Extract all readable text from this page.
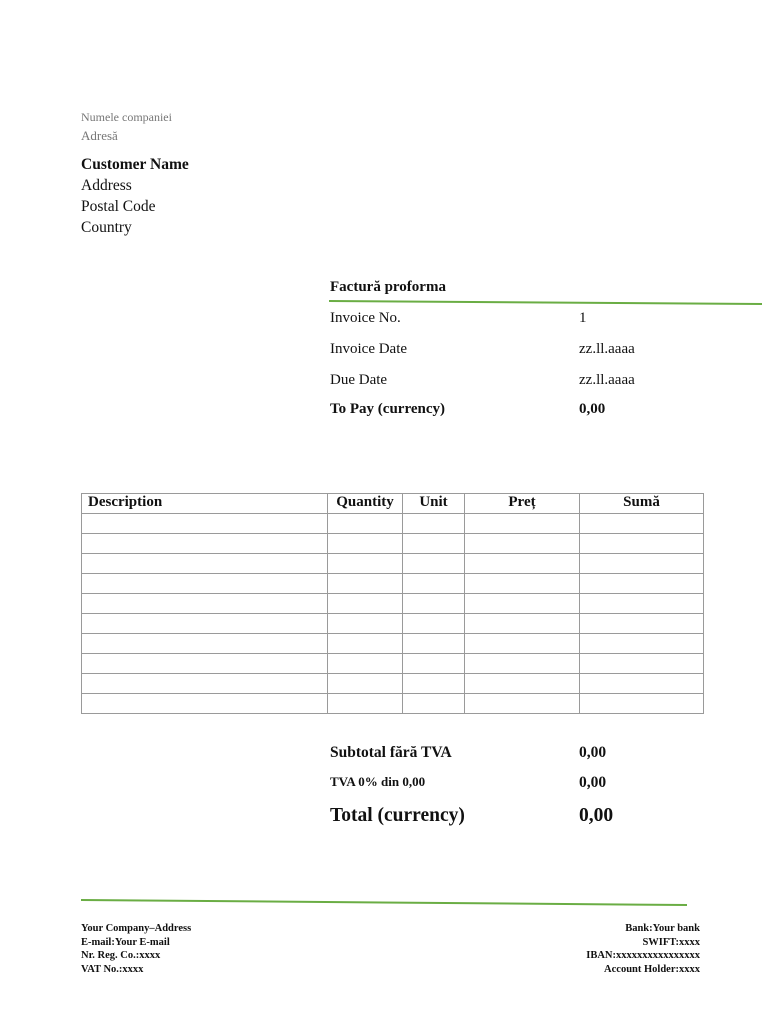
Numele companiei
Adresă
Customer Name
Address
Postal Code
Country
Factură proforma
Invoice No.	1
Invoice Date	zz.ll.aaaa
Due Date	zz.ll.aaaa
To Pay (currency)	0,00
Description	Quantity	Unit	Preț	Sumă

Subtotal fără TVA	0,00
TVA 0% din 0,00	0,00
Total (currency)	0,00
Your Company–Address
E-mail:Your E-mail
Nr. Reg. Co.:xxxx
VAT No.:xxxx
Bank:Your bank
SWIFT:xxxx
IBAN:xxxxxxxxxxxxxxxx
Account Holder:xxxx
